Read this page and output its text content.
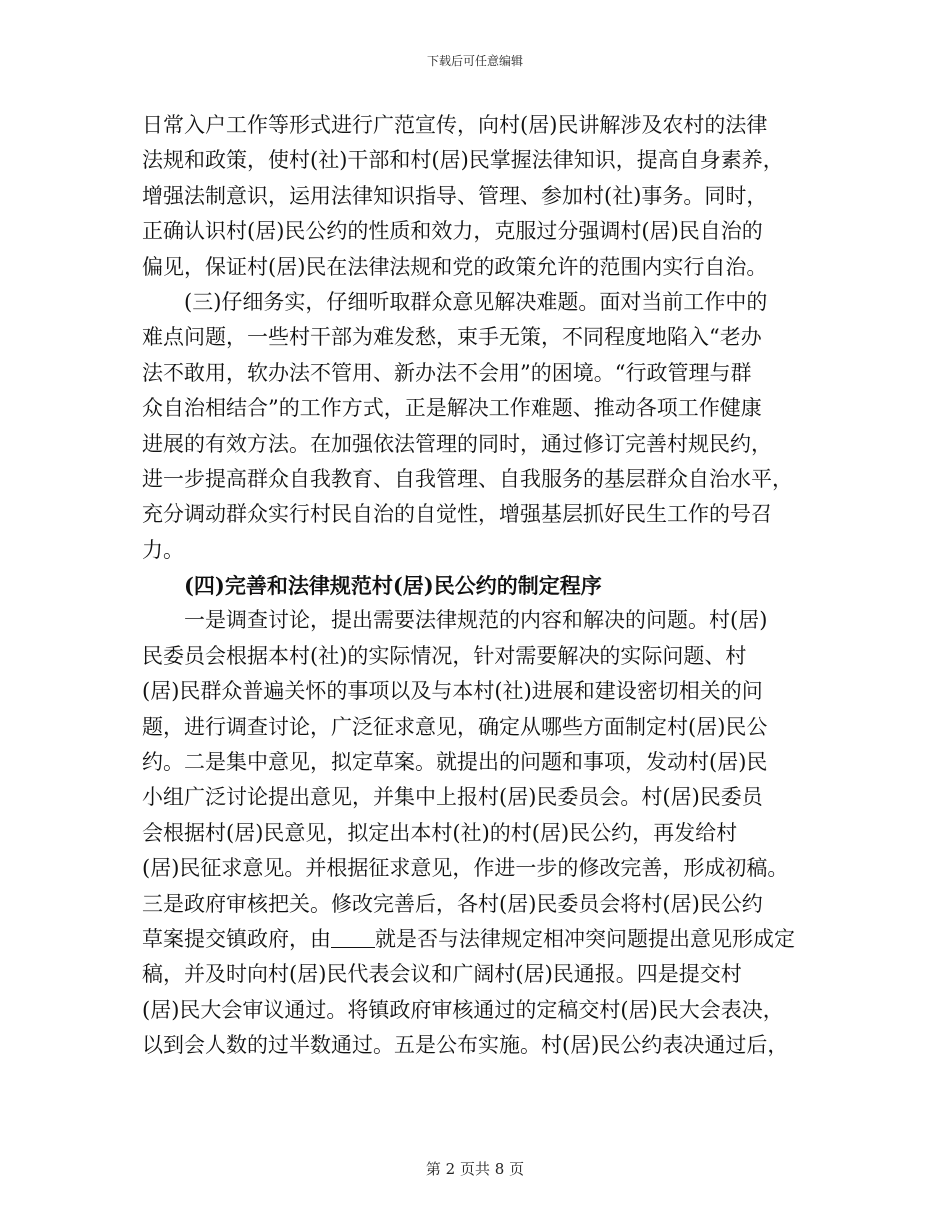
下载后可任意编辑
日常入户工作等形式进行广范宣传，向村(居)民讲解涉及农村的法律
法规和政策，使村(社)干部和村(居)民掌握法律知识，提高自身素养，
增强法制意识，运用法律知识指导、管理、参加村(社)事务。同时，
正确认识村(居)民公约的性质和效力，克服过分强调村(居)民自治的
偏见，保证村(居)民在法律法规和党的政策允许的范围内实行自治。
(三)仔细务实，仔细听取群众意见解决难题。面对当前工作中的
难点问题，一些村干部为难发愁，束手无策，不同程度地陷入“老办
法不敢用，软办法不管用、新办法不会用”的困境。“行政管理与群
众自治相结合”的工作方式，正是解决工作难题、推动各项工作健康
进展的有效方法。在加强依法管理的同时，通过修订完善村规民约，
进一步提高群众自我教育、自我管理、自我服务的基层群众自治水平，
充分调动群众实行村民自治的自觉性，增强基层抓好民生工作的号召
力。
(四)完善和法律规范村(居)民公约的制定程序
一是调查讨论，提出需要法律规范的内容和解决的问题。村(居)
民委员会根据本村(社)的实际情况，针对需要解决的实际问题、村
(居)民群众普遍关怀的事项以及与本村(社)进展和建设密切相关的问
题，进行调查讨论，广泛征求意见，确定从哪些方面制定村(居)民公
约。二是集中意见，拟定草案。就提出的问题和事项，发动村(居)民
小组广泛讨论提出意见，并集中上报村(居)民委员会。村(居)民委员
会根据村(居)民意见，拟定出本村(社)的村(居)民公约，再发给村
(居)民征求意见。并根据征求意见，作进一步的修改完善，形成初稿。
三是政府审核把关。修改完善后，各村(居)民委员会将村(居)民公约
草案提交镇政府，由 就是否与法律规定相冲突问题提出意见形成定
稿，并及时向村(居)民代表会议和广阔村(居)民通报。四是提交村
(居)民大会审议通过。将镇政府审核通过的定稿交村(居)民大会表决，
以到会人数的过半数通过。五是公布实施。村(居)民公约表决通过后，
第 2 页共 8 页
